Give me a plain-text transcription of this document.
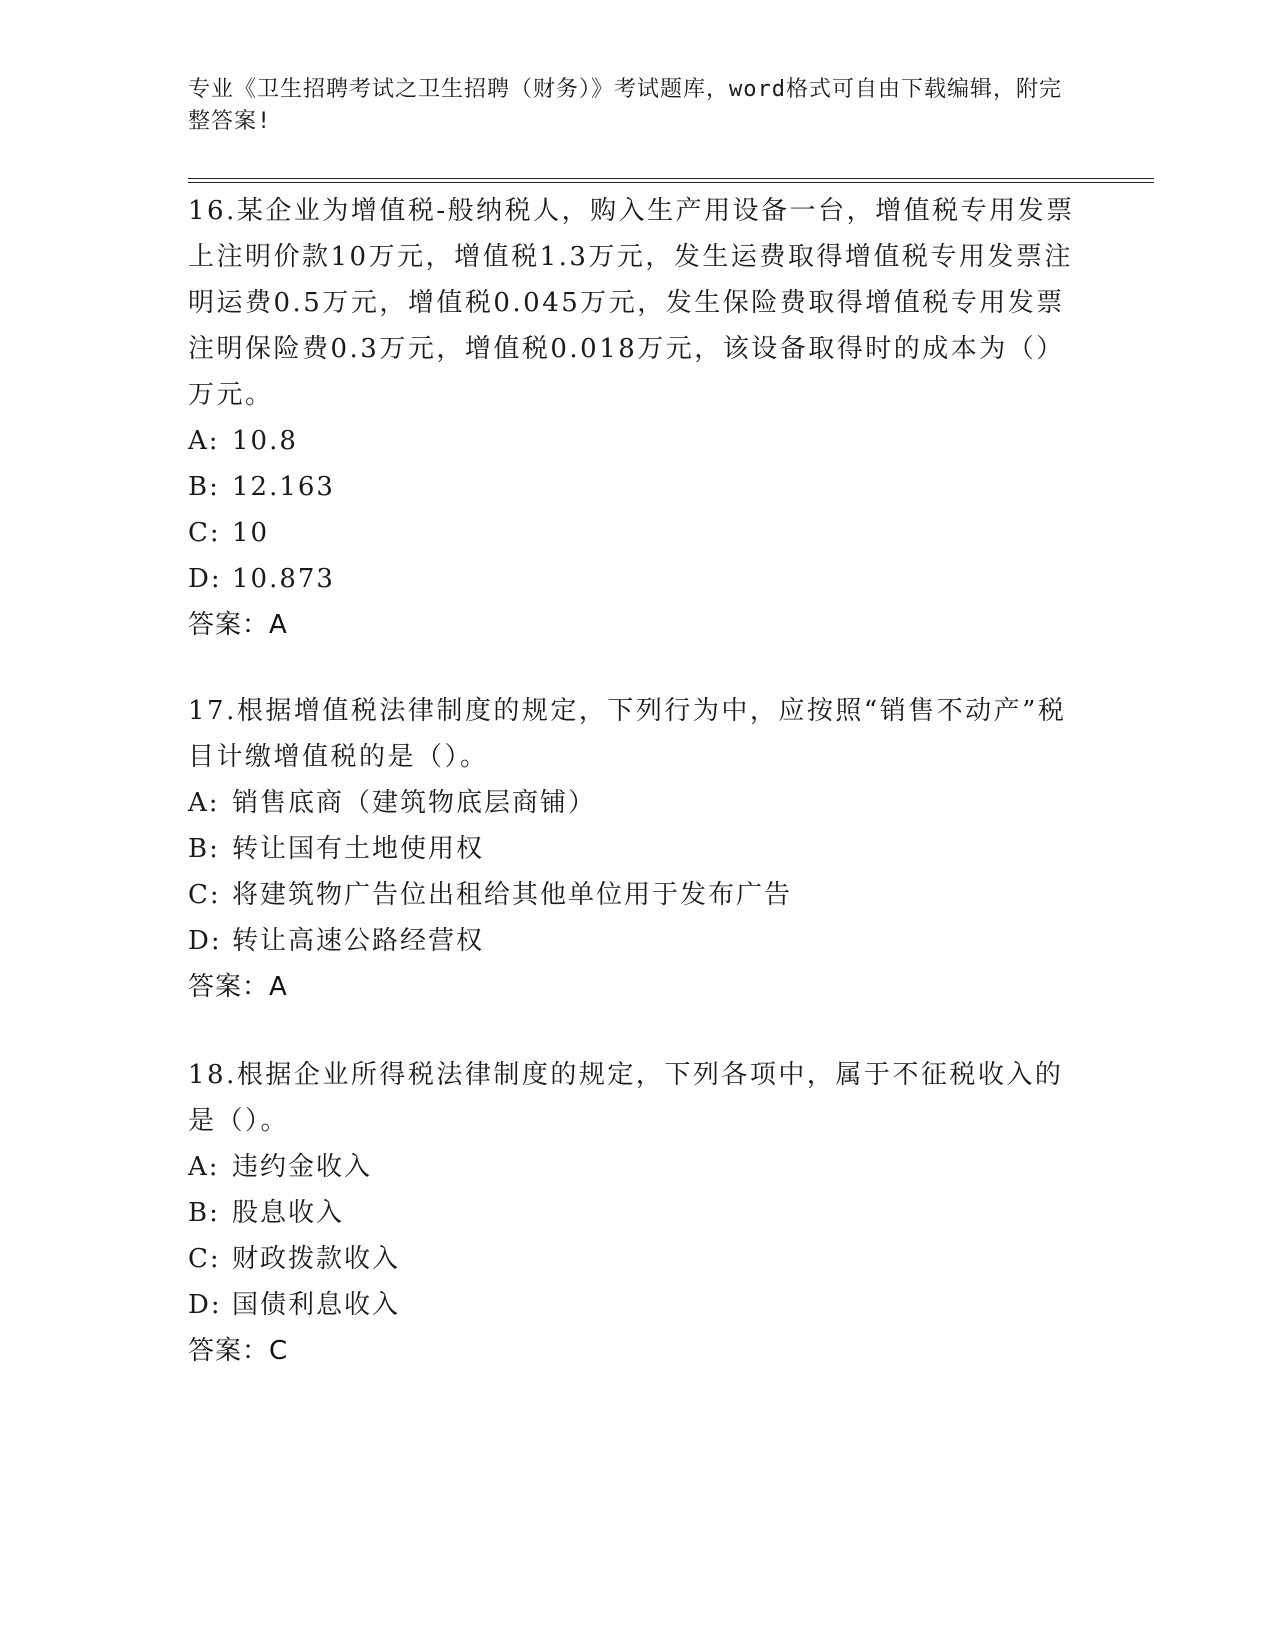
专业《卫生招聘考试之卫生招聘（财务）》考试题库，word格式可自由下载编辑，附完整答案!

16.某企业为增值税-般纳税人，购入生产用设备一台，增值税专用发票上注明价款10万元，增值税1.3万元，发生运费取得增值税专用发票注明运费0.5万元，增值税0.045万元，发生保险费取得增值税专用发票注明保险费0.3万元，增值税0.018万元，该设备取得时的成本为（）万元。

A: 10.8

B: 12.163

C: 10

D: 10.873

答案：A

17.根据增值税法律制度的规定，下列行为中，应按照“销售不动产”税目计缴增值税的是（）。

A: 销售底商（建筑物底层商铺）

B: 转让国有土地使用权

C: 将建筑物广告位出租给其他单位用于发布广告

D: 转让高速公路经营权

答案：A

18.根据企业所得税法律制度的规定，下列各项中，属于不征税收入的是（）。

A: 违约金收入

B: 股息收入

C: 财政拨款收入

D: 国债利息收入

答案：C
